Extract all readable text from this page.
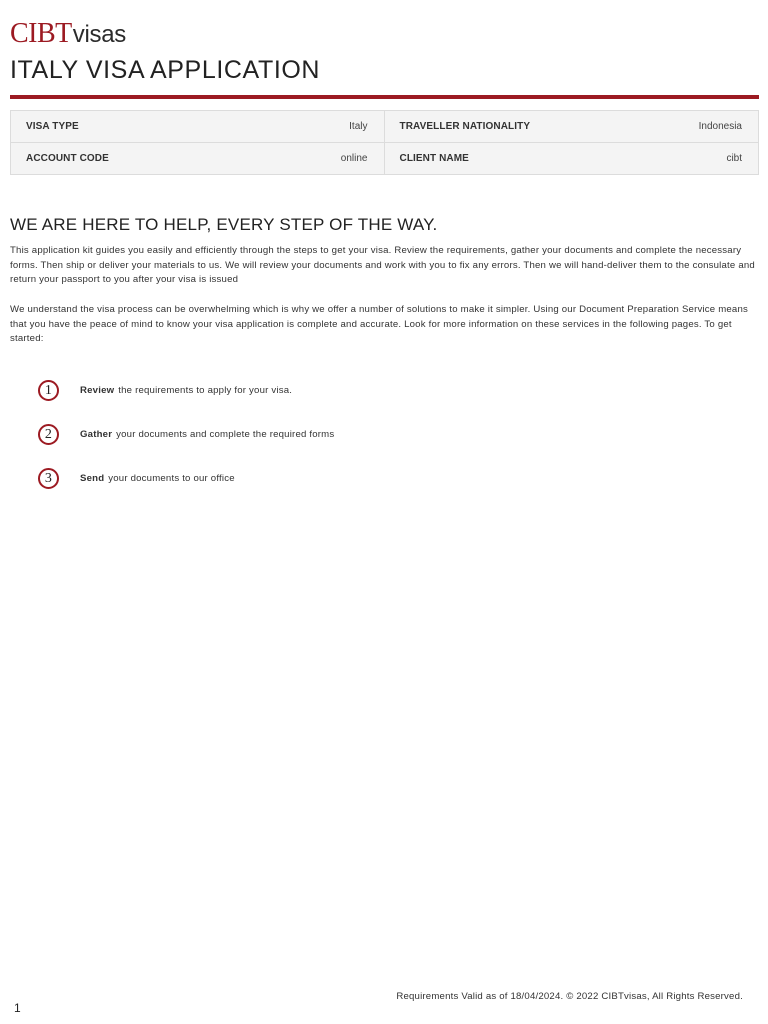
CIBT visas
ITALY VISA APPLICATION
VISA TYPE	Italy	TRAVELLER NATIONALITY	Indonesia
ACCOUNT CODE	online	CLIENT NAME	cibt
WE ARE HERE TO HELP, EVERY STEP OF THE WAY.

This application kit guides you easily and efficiently through the steps to get your visa. Review the requirements, gather your documents and complete the necessary forms. Then ship or deliver your materials to us. We will review your documents and work with you to fix any errors. Then we will hand-deliver them to the consulate and return your passport to you after your visa is issued

We understand the visa process can be overwhelming which is why we offer a number of solutions to make it simpler. Using our Document Preparation Service means that you have the peace of mind to know your visa application is complete and accurate. Look for more information on these services in the following pages. To get started:

1	Review the requirements to apply for your visa.
2	Gather your documents and complete the required forms
3	Send your documents to our office
Requirements Valid as of 18/04/2024. © 2022 CIBTvisas, All Rights Reserved.
1
